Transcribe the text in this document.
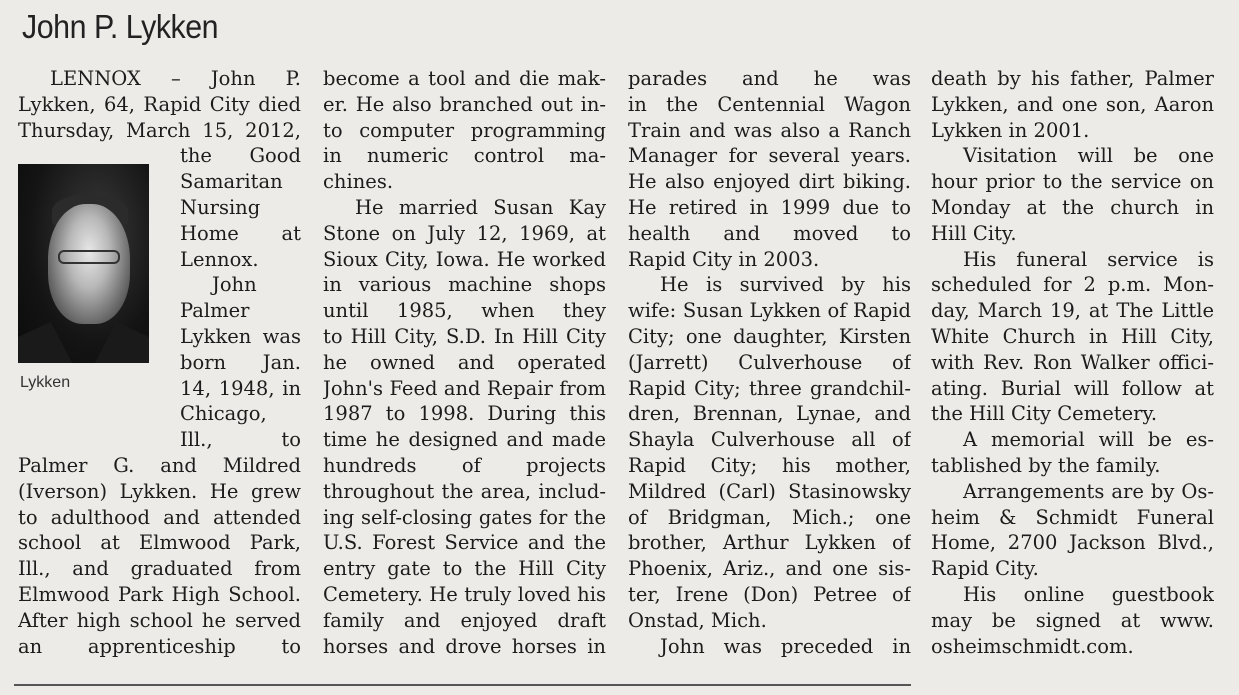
John P. Lykken
Lykken
LENNOX – John P.
Lykken, 64, Rapid City died
Thursday, March 15, 2012,
the Good
Samaritan
Nursing
Home at
Lennox.
John
Palmer
Lykken was
born Jan.
14, 1948, in
Chicago,
Ill., to
Palmer G. and Mildred
(Iverson) Lykken. He grew
to adulthood and attended
school at Elmwood Park,
Ill., and graduated from
Elmwood Park High School.
After high school he served
an apprenticeship to
become a tool and die mak-
er. He also branched out in-
to computer programming
in numeric control ma-
chines.
He married Susan Kay
Stone on July 12, 1969, at
Sioux City, Iowa. He worked
in various machine shops
until 1985, when they
to Hill City, S.D. In Hill City
he owned and operated
John's Feed and Repair from
1987 to 1998. During this
time he designed and made
hundreds of projects
throughout the area, includ-
ing self-closing gates for the
U.S. Forest Service and the
entry gate to the Hill City
Cemetery. He truly loved his
family and enjoyed draft
horses and drove horses in
parades and he was
in the Centennial Wagon
Train and was also a Ranch
Manager for several years.
He also enjoyed dirt biking.
He retired in 1999 due to
health and moved to
Rapid City in 2003.
He is survived by his
wife: Susan Lykken of Rapid
City; one daughter, Kirsten
(Jarrett) Culverhouse of
Rapid City; three grandchil-
dren, Brennan, Lynae, and
Shayla Culverhouse all of
Rapid City; his mother,
Mildred (Carl) Stasinowsky
of Bridgman, Mich.; one
brother, Arthur Lykken of
Phoenix, Ariz., and one sis-
ter, Irene (Don) Petree of
Onstad, Mich.
John was preceded in
death by his father, Palmer
Lykken, and one son, Aaron
Lykken in 2001.
Visitation will be one
hour prior to the service on
Monday at the church in
Hill City.
His funeral service is
scheduled for 2 p.m. Mon-
day, March 19, at The Little
White Church in Hill City,
with Rev. Ron Walker offici-
ating. Burial will follow at
the Hill City Cemetery.
A memorial will be es-
tablished by the family.
Arrangements are by Os-
heim & Schmidt Funeral
Home, 2700 Jackson Blvd.,
Rapid City.
His online guestbook
may be signed at www.
osheimschmidt.com.
